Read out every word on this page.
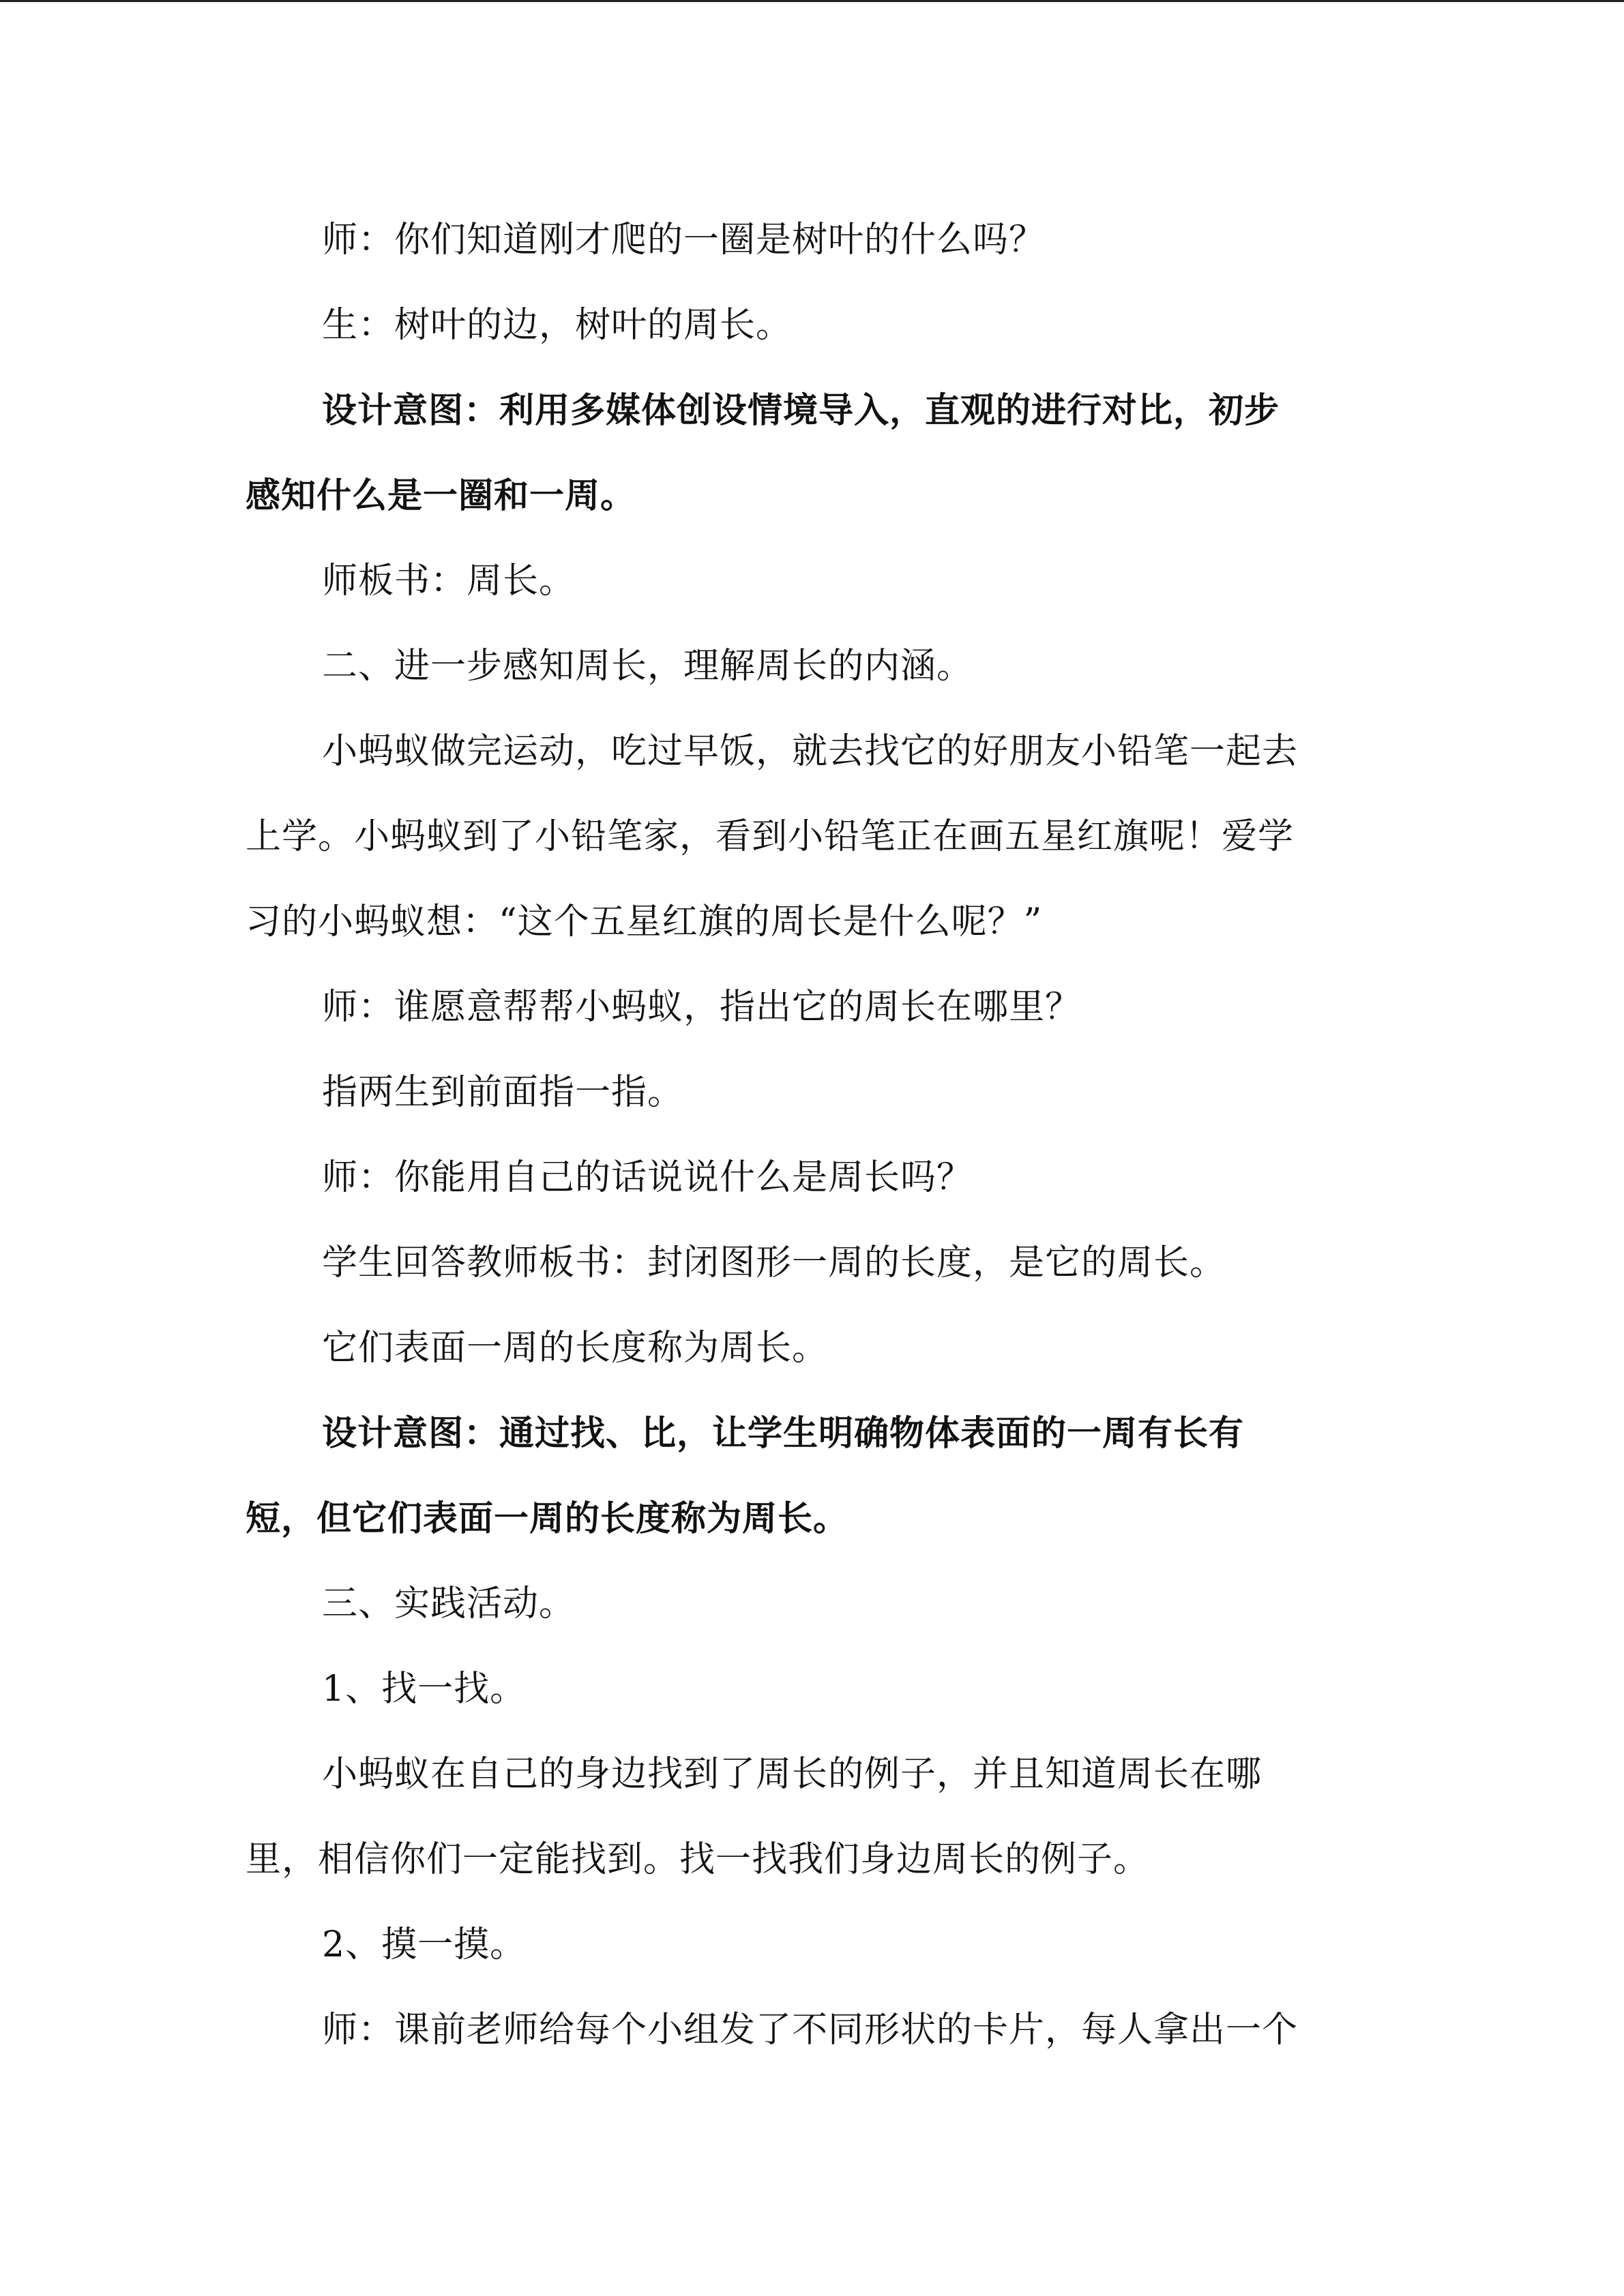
师：你们知道刚才爬的一圈是树叶的什么吗？

生：树叶的边，树叶的周长。

设计意图：利用多媒体创设情境导入，直观的进行对比，初步

感知什么是一圈和一周。

师板书：周长。

二、进一步感知周长，理解周长的内涵。

小蚂蚁做完运动，吃过早饭，就去找它的好朋友小铅笔一起去

上学。小蚂蚁到了小铅笔家，看到小铅笔正在画五星红旗呢！爱学

习的小蚂蚁想：“这个五星红旗的周长是什么呢？”

师：谁愿意帮帮小蚂蚁，指出它的周长在哪里？

指两生到前面指一指。

师：你能用自己的话说说什么是周长吗？

学生回答教师板书：封闭图形一周的长度，是它的周长。

它们表面一周的长度称为周长。

设计意图：通过找、比，让学生明确物体表面的一周有长有

短，但它们表面一周的长度称为周长。

三、实践活动。

1、找一找。

小蚂蚁在自己的身边找到了周长的例子，并且知道周长在哪

里，相信你们一定能找到。找一找我们身边周长的例子。

2、摸一摸。

师：课前老师给每个小组发了不同形状的卡片，每人拿出一个
